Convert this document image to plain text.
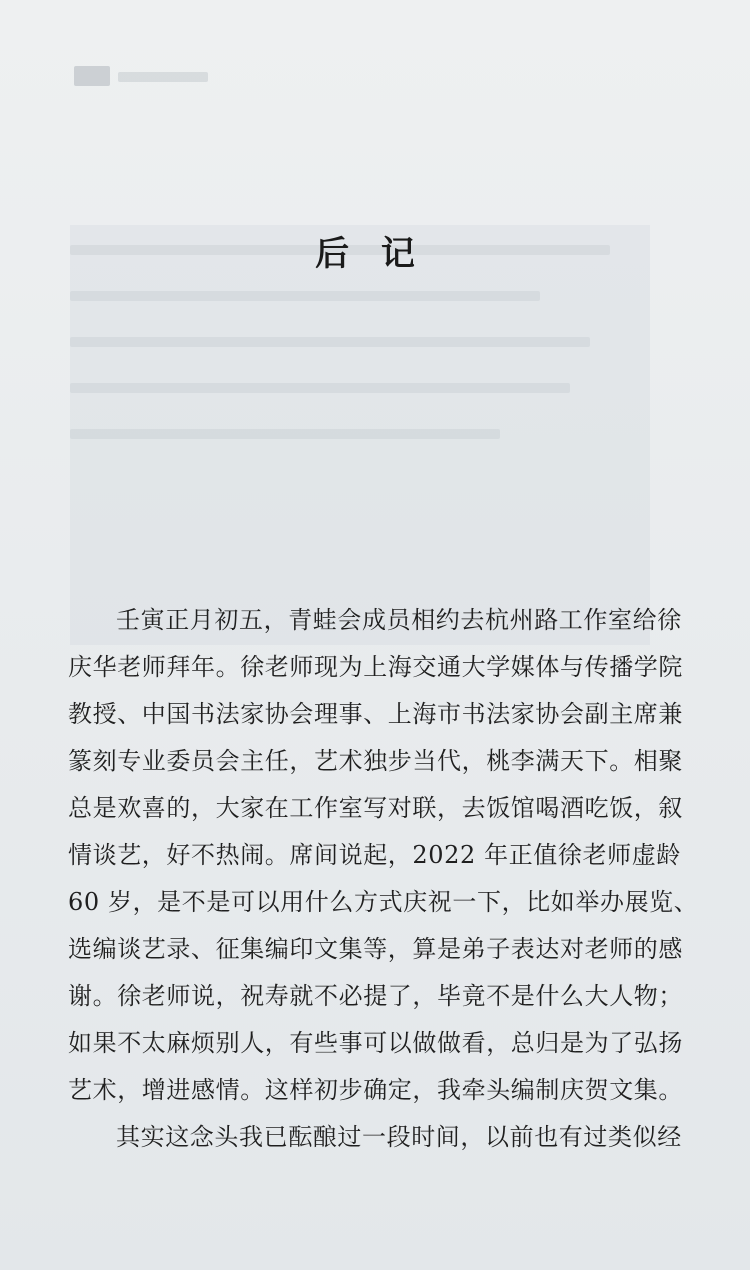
后 记
壬寅正月初五，青蛙会成员相约去杭州路工作室给徐
庆华老师拜年。徐老师现为上海交通大学媒体与传播学院
教授、中国书法家协会理事、上海市书法家协会副主席兼
篆刻专业委员会主任，艺术独步当代，桃李满天下。相聚
总是欢喜的，大家在工作室写对联，去饭馆喝酒吃饭，叙
情谈艺，好不热闹。席间说起，2022 年正值徐老师虚龄
60 岁，是不是可以用什么方式庆祝一下，比如举办展览、
选编谈艺录、征集编印文集等，算是弟子表达对老师的感
谢。徐老师说，祝寿就不必提了，毕竟不是什么大人物；
如果不太麻烦别人，有些事可以做做看，总归是为了弘扬
艺术，增进感情。这样初步确定，我牵头编制庆贺文集。
其实这念头我已酝酿过一段时间，以前也有过类似经
